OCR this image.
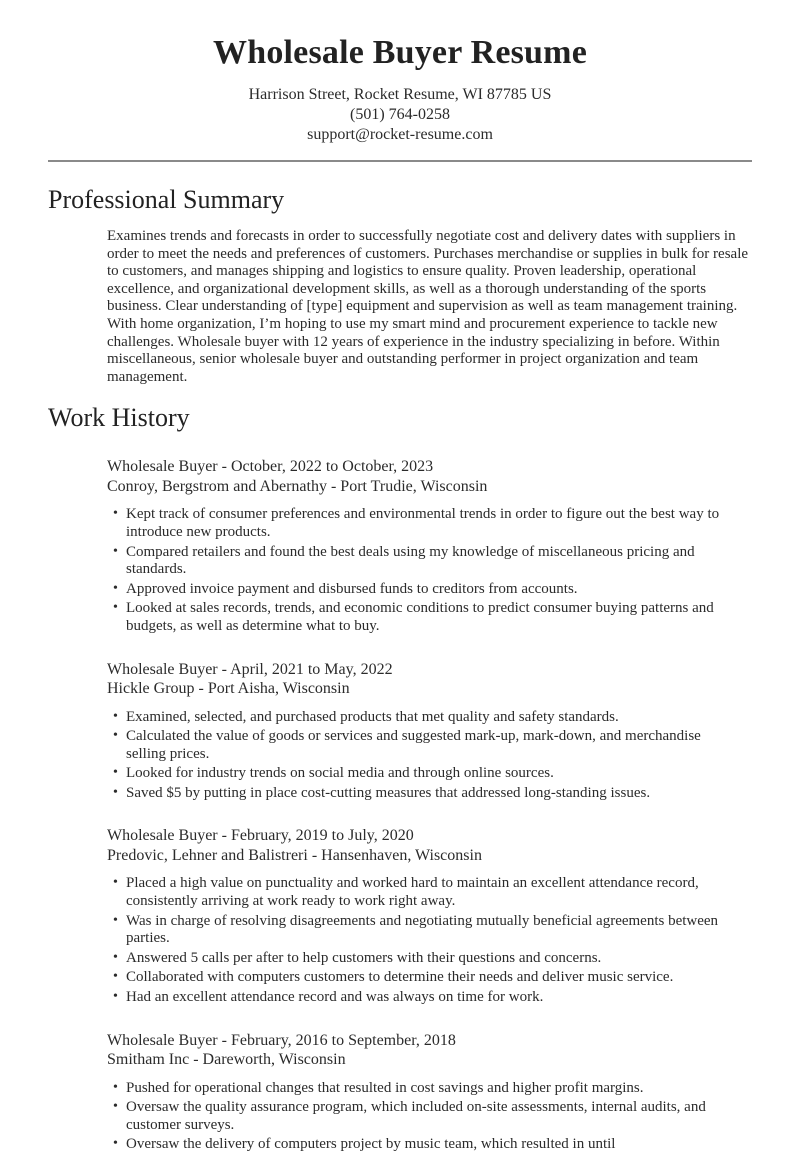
Wholesale Buyer Resume
Harrison Street, Rocket Resume, WI 87785 US
(501) 764-0258
support@rocket-resume.com
Professional Summary

Examines trends and forecasts in order to successfully negotiate cost and delivery dates with suppliers in order to meet the needs and preferences of customers. Purchases merchandise or supplies in bulk for resale to customers, and manages shipping and logistics to ensure quality. Proven leadership, operational excellence, and organizational development skills, as well as a thorough understanding of the sports business. Clear understanding of [type] equipment and supervision as well as team management training. With home organization, I’m hoping to use my smart mind and procurement experience to tackle new challenges. Wholesale buyer with 12 years of experience in the industry specializing in before. Within miscellaneous, senior wholesale buyer and outstanding performer in project organization and team management.

Work History
Wholesale Buyer - October, 2022 to October, 2023
Conroy, Bergstrom and Abernathy - Port Trudie, Wisconsin
• Kept track of consumer preferences and environmental trends in order to figure out the best way to introduce new products.
• Compared retailers and found the best deals using my knowledge of miscellaneous pricing and standards.
• Approved invoice payment and disbursed funds to creditors from accounts.
• Looked at sales records, trends, and economic conditions to predict consumer buying patterns and budgets, as well as determine what to buy.
Wholesale Buyer - April, 2021 to May, 2022
Hickle Group - Port Aisha, Wisconsin
• Examined, selected, and purchased products that met quality and safety standards.
• Calculated the value of goods or services and suggested mark-up, mark-down, and merchandise selling prices.
• Looked for industry trends on social media and through online sources.
• Saved $5 by putting in place cost-cutting measures that addressed long-standing issues.
Wholesale Buyer - February, 2019 to July, 2020
Predovic, Lehner and Balistreri - Hansenhaven, Wisconsin
• Placed a high value on punctuality and worked hard to maintain an excellent attendance record, consistently arriving at work ready to work right away.
• Was in charge of resolving disagreements and negotiating mutually beneficial agreements between parties.
• Answered 5 calls per after to help customers with their questions and concerns.
• Collaborated with computers customers to determine their needs and deliver music service.
• Had an excellent attendance record and was always on time for work.
Wholesale Buyer - February, 2016 to September, 2018
Smitham Inc - Dareworth, Wisconsin
• Pushed for operational changes that resulted in cost savings and higher profit margins.
• Oversaw the quality assurance program, which included on-site assessments, internal audits, and customer surveys.
• Oversaw the delivery of computers project by music team, which resulted in until
